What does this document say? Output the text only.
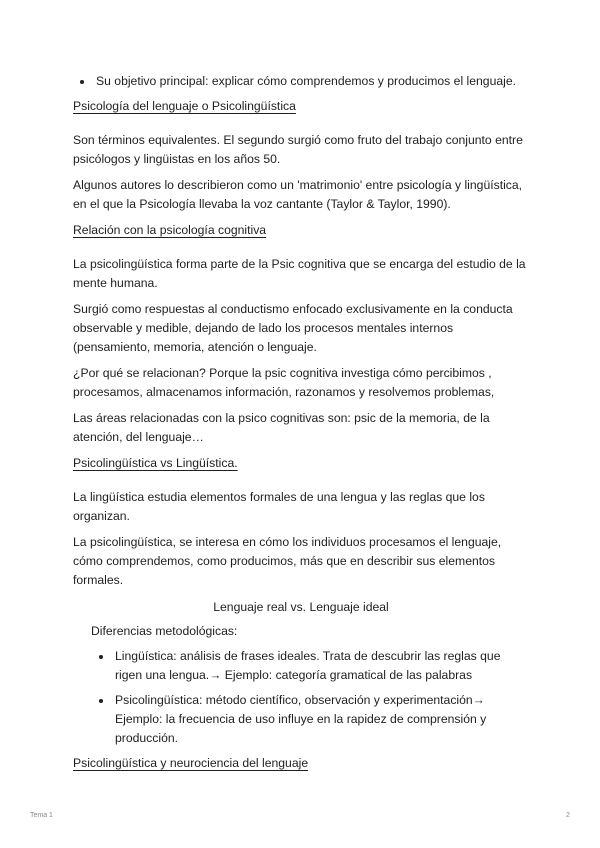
• Su objetivo principal: explicar cómo comprendemos y producimos el lenguaje.
Psicología del lenguaje o Psicolingüística

Son términos equivalentes. El segundo surgió como fruto del trabajo conjunto entre psicólogos y lingüistas en los años 50.

Algunos autores lo describieron como un 'matrimonio' entre psicología y lingüística, en el que la Psicología llevaba la voz cantante (Taylor & Taylor, 1990).

Relación con la psicología cognitiva

La psicolingüística forma parte de la Psic cognitiva que se encarga del estudio de la mente humana.

Surgió como respuestas al conductismo enfocado exclusivamente en la conducta observable y medible, dejando de lado los procesos mentales internos (pensamiento, memoria, atención o lenguaje.

¿Por qué se relacionan? Porque la psic cognitiva investiga cómo percibimos , procesamos, almacenamos información, razonamos y resolvemos problemas,

Las áreas relacionadas con la psico cognitivas son: psic de la memoria, de la atención, del lenguaje…

Psicolingüística vs Lingüística.

La lingüística estudia elementos formales de una lengua y las reglas que los organizan.

La psicolingüística, se interesa en cómo los individuos procesamos el lenguaje, cómo comprendemos, como producimos, más que en describir sus elementos formales.

Lenguaje real vs. Lenguaje ideal

Diferencias metodológicas:

• Lingüística: análisis de frases ideales. Trata de descubrir las reglas que rigen una lengua.→ Ejemplo: categoría gramatical de las palabras
• Psicolingüística: método científico, observación y experimentación→ Ejemplo: la frecuencia de uso influye en la rapidez de comprensión y producción.
Psicolingüística y neurociencia del lenguaje
Tema 1	2
